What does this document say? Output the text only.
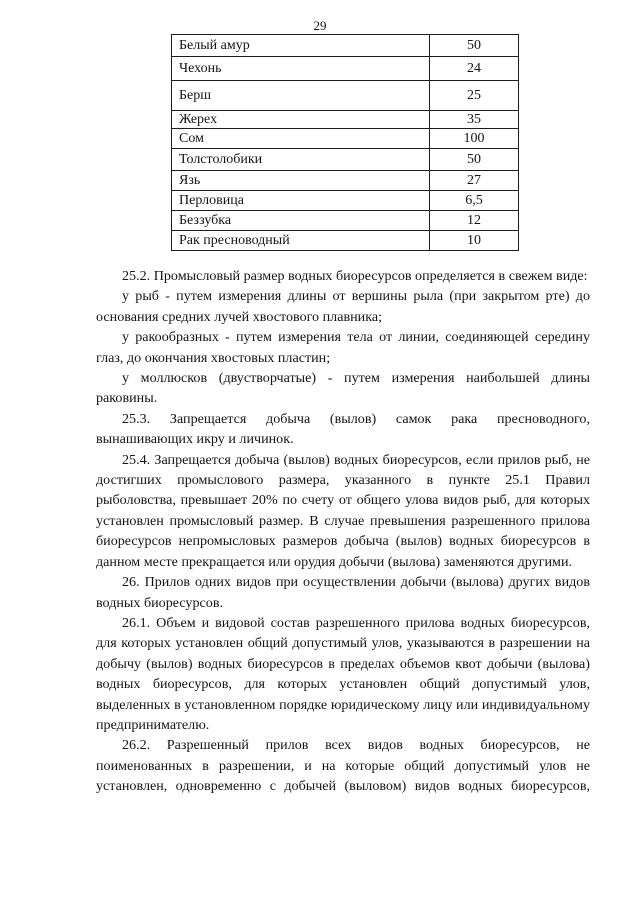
29
Белый амур	50
Чехонь	24
Берш	25
Жерех	35
Сом	100
Толстолобики	50
Язь	27
Перловица	6,5
Беззубка	12
Рак пресноводный	10

25.2. Промысловый размер водных биоресурсов определяется в свежем виде:

у рыб - путем измерения длины от вершины рыла (при закрытом рте) до основания средних лучей хвостового плавника;

у ракообразных - путем измерения тела от линии, соединяющей середину глаз, до окончания хвостовых пластин;

у моллюсков (двустворчатые) - путем измерения наибольшей длины раковины.

25.3. Запрещается добыча (вылов) самок рака пресноводного, вынашивающих икру и личинок.

25.4. Запрещается добыча (вылов) водных биоресурсов, если прилов рыб, не достигших промыслового размера, указанного в пункте 25.1 Правил рыболовства, превышает 20% по счету от общего улова видов рыб, для которых установлен промысловый размер. В случае превышения разрешенного прилова биоресурсов непромысловых размеров добыча (вылов) водных биоресурсов в данном месте прекращается или орудия добычи (вылова) заменяются другими.

26. Прилов одних видов при осуществлении добычи (вылова) других видов водных биоресурсов.

26.1. Объем и видовой состав разрешенного прилова водных биоресурсов, для которых установлен общий допустимый улов, указываются в разрешении на добычу (вылов) водных биоресурсов в пределах объемов квот добычи (вылова) водных биоресурсов, для которых установлен общий допустимый улов, выделенных в установленном порядке юридическому лицу или индивидуальному предпринимателю.

26.2. Разрешенный прилов всех видов водных биоресурсов, не поименованных в разрешении, и на которые общий допустимый улов не установлен, одновременно с добычей (выловом) видов водных биоресурсов,
